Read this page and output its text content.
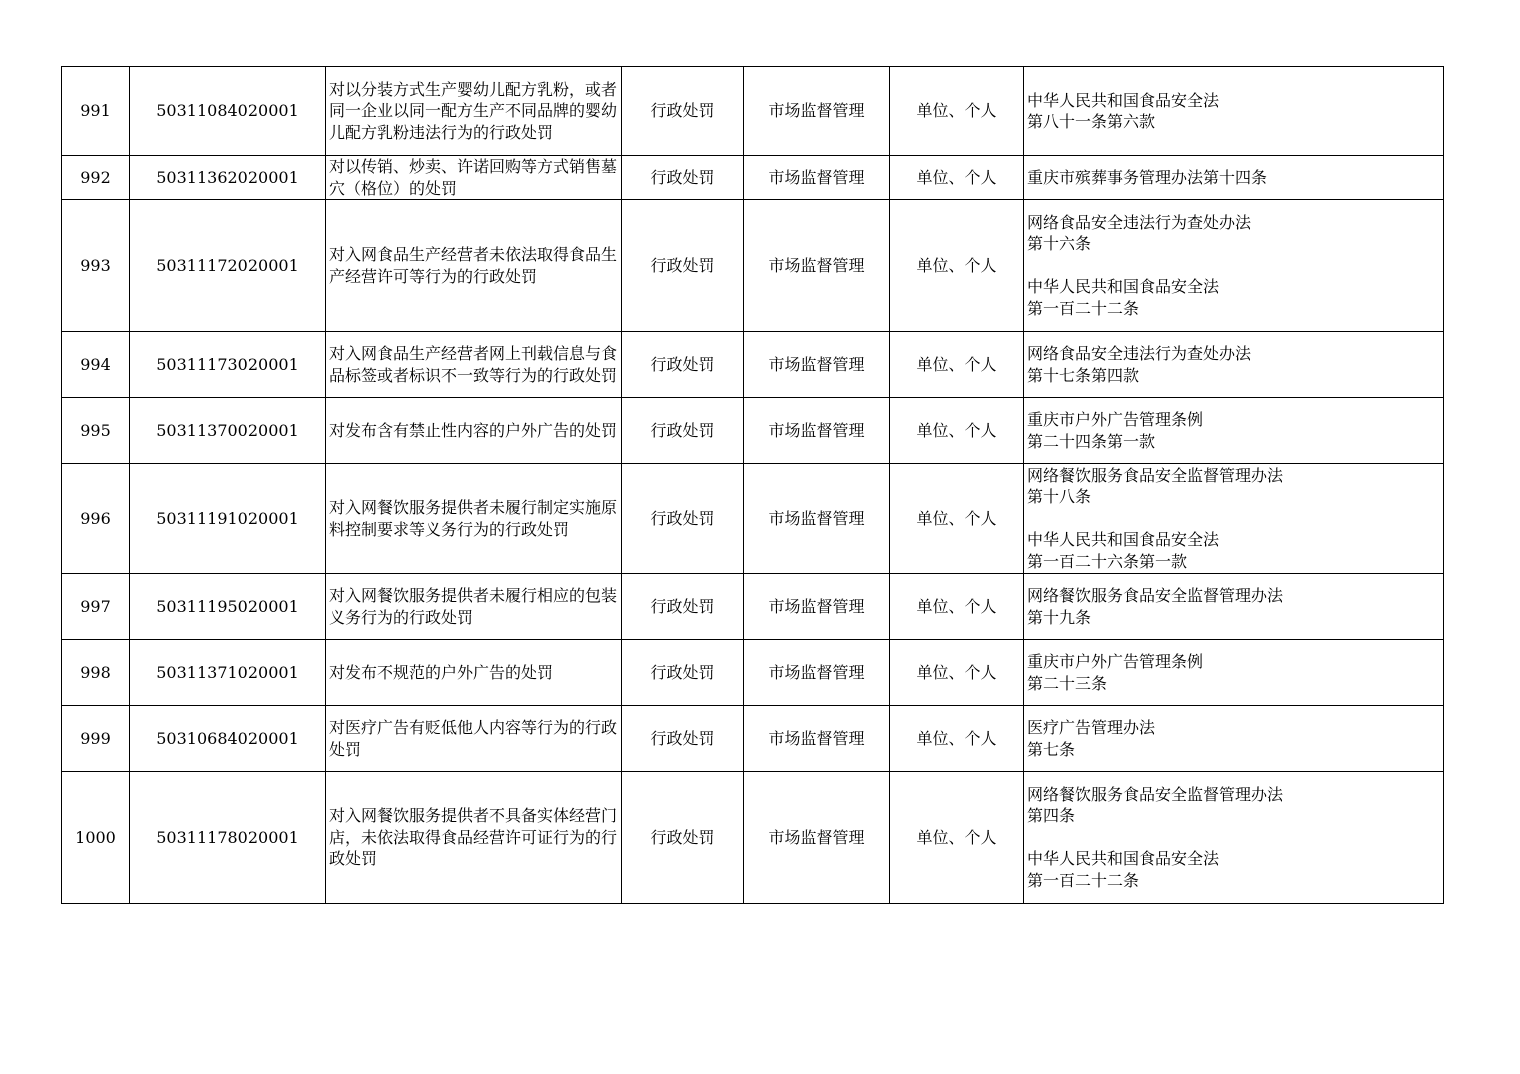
991	50311084020001	对以分装方式生产婴幼儿配方乳粉，或者同一企业以同一配方生产不同品牌的婴幼儿配方乳粉违法行为的行政处罚	行政处罚	市场监督管理	单位、个人	中华人民共和国食品安全法
第八十一条第六款

992	50311362020001	对以传销、炒卖、许诺回购等方式销售墓穴（格位）的处罚	行政处罚	市场监督管理	单位、个人	重庆市殡葬事务管理办法第十四条

993	50311172020001	对入网食品生产经营者未依法取得食品生产经营许可等行为的行政处罚	行政处罚	市场监督管理	单位、个人	网络食品安全违法行为查处办法
第十六条
中华人民共和国食品安全法
第一百二十二条

994	50311173020001	对入网食品生产经营者网上刊载信息与食品标签或者标识不一致等行为的行政处罚	行政处罚	市场监督管理	单位、个人	网络食品安全违法行为查处办法
第十七条第四款

995	50311370020001	对发布含有禁止性内容的户外广告的处罚	行政处罚	市场监督管理	单位、个人	重庆市户外广告管理条例
第二十四条第一款

996	50311191020001	对入网餐饮服务提供者未履行制定实施原料控制要求等义务行为的行政处罚	行政处罚	市场监督管理	单位、个人	网络餐饮服务食品安全监督管理办法
第十八条
中华人民共和国食品安全法
第一百二十六条第一款

997	50311195020001	对入网餐饮服务提供者未履行相应的包装义务行为的行政处罚	行政处罚	市场监督管理	单位、个人	网络餐饮服务食品安全监督管理办法
第十九条

998	50311371020001	对发布不规范的户外广告的处罚	行政处罚	市场监督管理	单位、个人	重庆市户外广告管理条例
第二十三条

999	50310684020001	对医疗广告有贬低他人内容等行为的行政处罚	行政处罚	市场监督管理	单位、个人	医疗广告管理办法
第七条

1000	50311178020001	对入网餐饮服务提供者不具备实体经营门店，未依法取得食品经营许可证行为的行政处罚	行政处罚	市场监督管理	单位、个人	网络餐饮服务食品安全监督管理办法
第四条
中华人民共和国食品安全法
第一百二十二条
